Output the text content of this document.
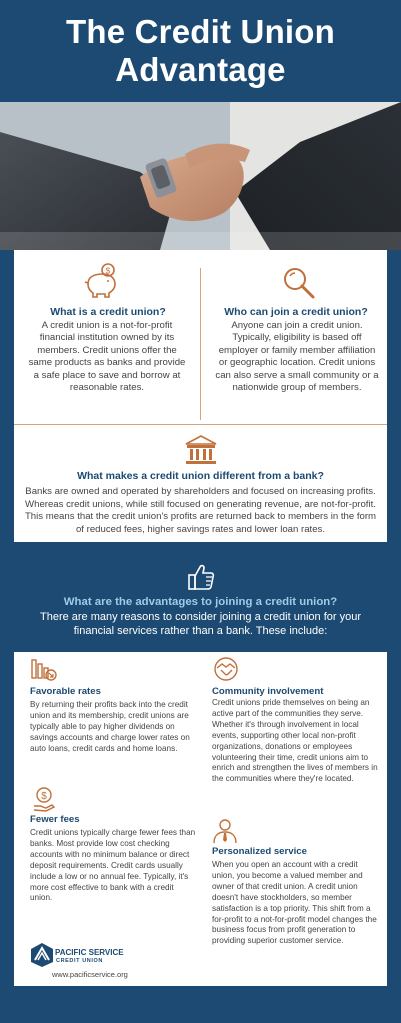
The Credit Union
Advantage
$
What is a credit union?
A credit union is a not-for-profit financial institution owned by its members. Credit unions offer the same products as banks and provide a safe place to save and borrow at reasonable rates.
Who can join a credit union?
Anyone can join a credit union. Typically, eligibility is based off employer or family member affiliation or geographic location. Credit unions can also serve a small community or a nationwide group of members.
What makes a credit union different from a bank?
Banks are owned and operated by shareholders and focused on increasing profits. Whereas credit unions, while still focused on generating revenue, are not-for-profit. This means that the credit union's profits are returned back to members in the form of reduced fees, higher savings rates and lower loan rates.
What are the advantages to joining a credit union?
There are many reasons to consider joining a credit union for your financial services rather than a bank. These include:
Favorable rates
By returning their profits back into the credit union and its membership, credit unions are typically able to pay higher dividends on savings accounts and charge lower rates on auto loans, credit cards and home loans.
Community involvement
Credit unions pride themselves on being an active part of the communities they serve. Whether it's through involvement in local events, supporting other local non-profit organizations, donations or employees volunteering their time, credit unions aim to enrich and strengthen the lives of members in the communities where they're located.
$
Fewer fees
Credit unions typically charge fewer fees than banks. Most provide low cost checking accounts with no minimum balance or direct deposit requirements. Credit cards usually include a low or no annual fee. Typically, it's more cost effective to bank with a credit union.
Personalized service
When you open an account with a credit union, you become a valued member and owner of that credit union. A credit union doesn't have stockholders, so member satisfaction is a top priority. This shift from a for-profit to a not-for-profit model changes the business focus from profit generation to providing superior customer service.
PACIFIC SERVICE
CREDIT UNION
www.pacificservice.org
